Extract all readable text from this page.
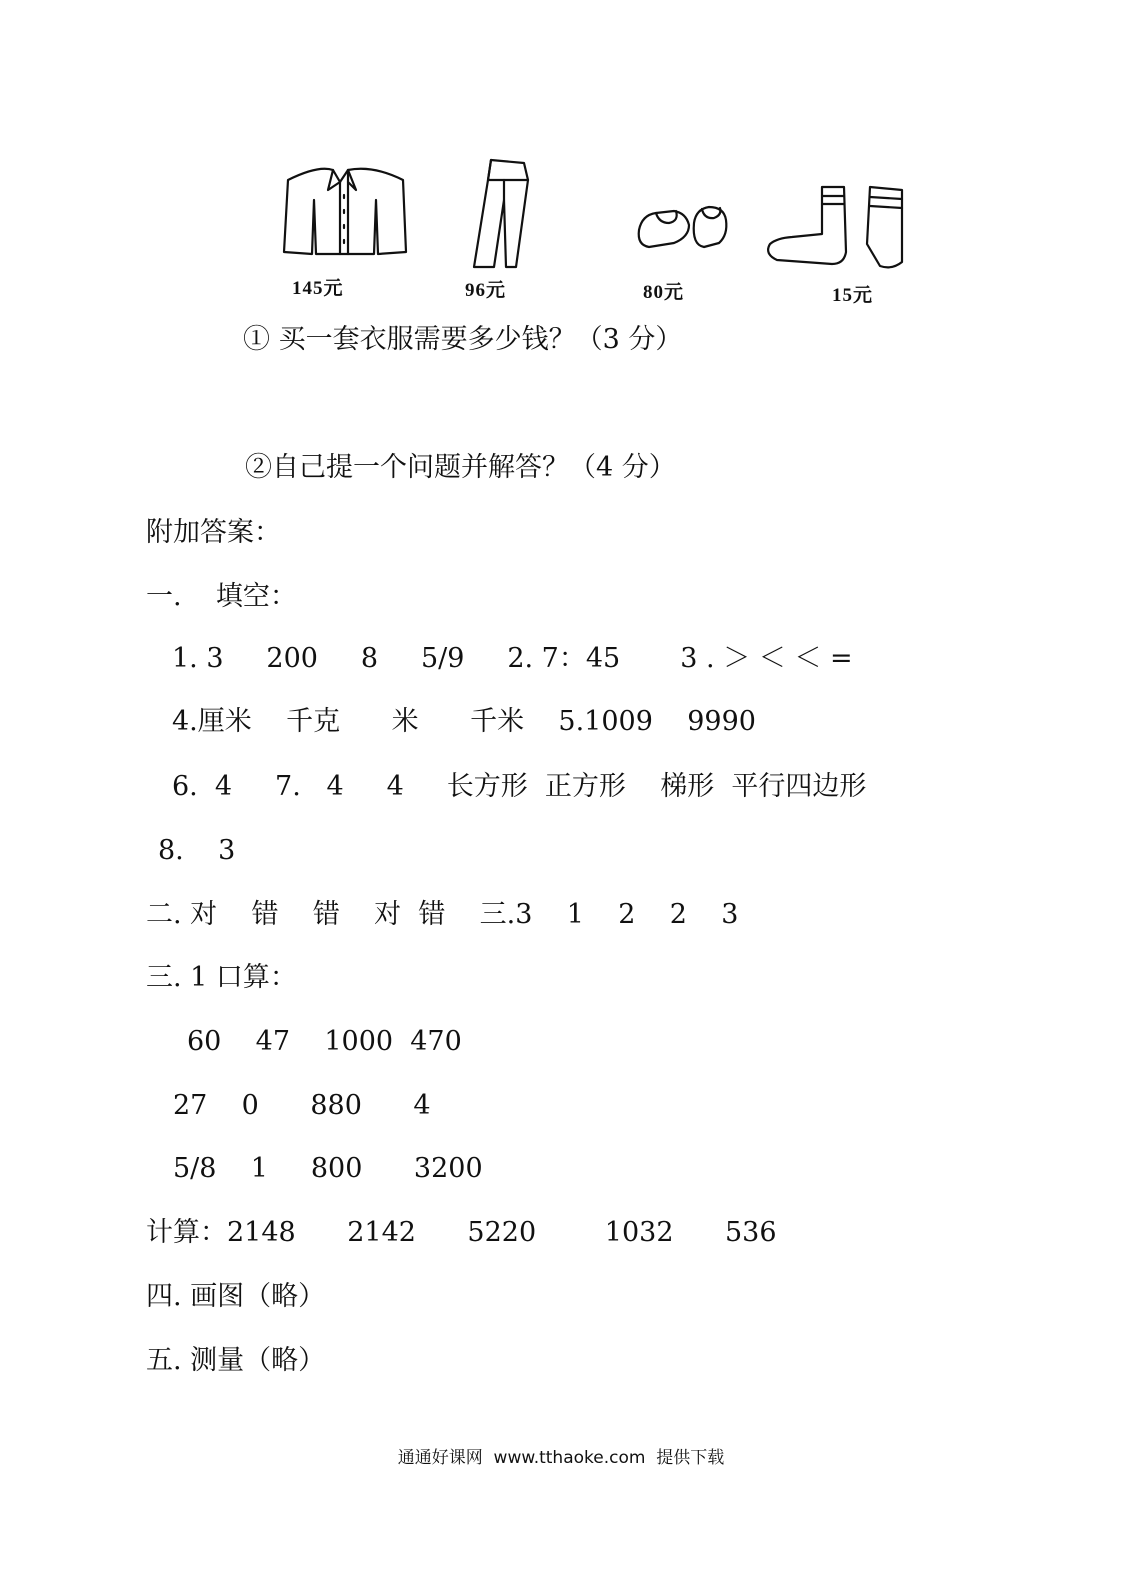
145元	96元	80元	15元
① 买一套衣服需要多少钱？（3 分）
②自己提一个问题并解答？（4 分）
附加答案：
一.    填空：
1. 3     200     8     5/9     2. 7：45       3 . ＞ ＜ ＜ =
4.厘米    千克      米      千米    5.1009    9990
6.  4     7.   4     4     长方形  正方形    梯形  平行四边形
8.    3
二. 对    错    错    对  错    三.3    1    2    2    3
三. 1 口算：
60    47    1000  470
27    0      880      4
5/8    1     800      3200
计算：2148      2142      5220        1032      536
四. 画图（略）
五. 测量（略）
通通好课网  www.tthaoke.com  提供下载
